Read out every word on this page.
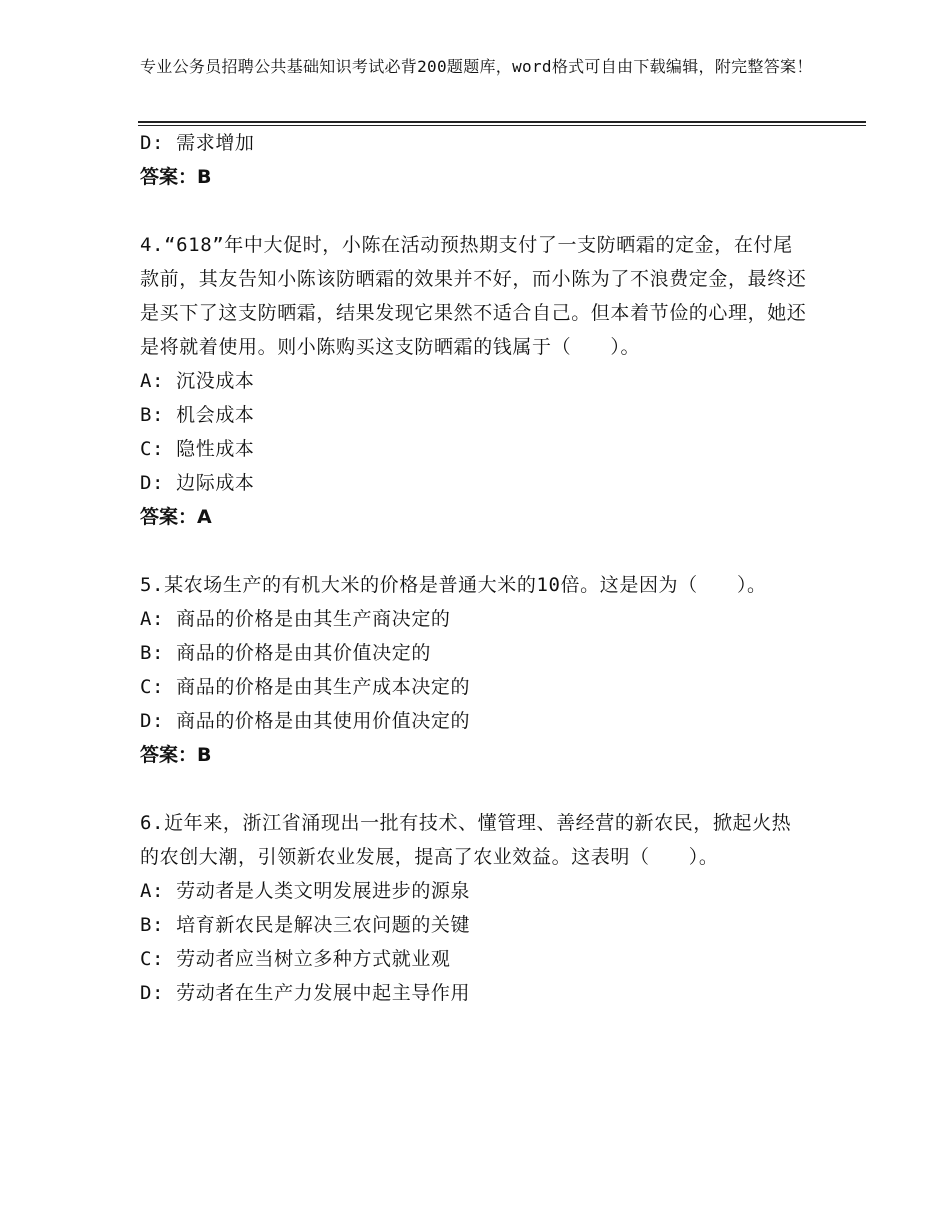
专业公务员招聘公共基础知识考试必背200题题库，word格式可自由下载编辑，附完整答案！
D: 需求增加
答案：B
4.“618”年中大促时，小陈在活动预热期支付了一支防晒霜的定金，在付尾款前，其友告知小陈该防晒霜的效果并不好，而小陈为了不浪费定金，最终还是买下了这支防晒霜，结果发现它果然不适合自己。但本着节俭的心理，她还是将就着使用。则小陈购买这支防晒霜的钱属于（　　）。
A: 沉没成本
B: 机会成本
C: 隐性成本
D: 边际成本
答案：A
5.某农场生产的有机大米的价格是普通大米的10倍。这是因为（　　）。
A: 商品的价格是由其生产商决定的
B: 商品的价格是由其价值决定的
C: 商品的价格是由其生产成本决定的
D: 商品的价格是由其使用价值决定的
答案：B
6.近年来，浙江省涌现出一批有技术、懂管理、善经营的新农民，掀起火热的农创大潮，引领新农业发展，提高了农业效益。这表明（　　）。
A: 劳动者是人类文明发展进步的源泉
B: 培育新农民是解决三农问题的关键
C: 劳动者应当树立多种方式就业观
D: 劳动者在生产力发展中起主导作用
